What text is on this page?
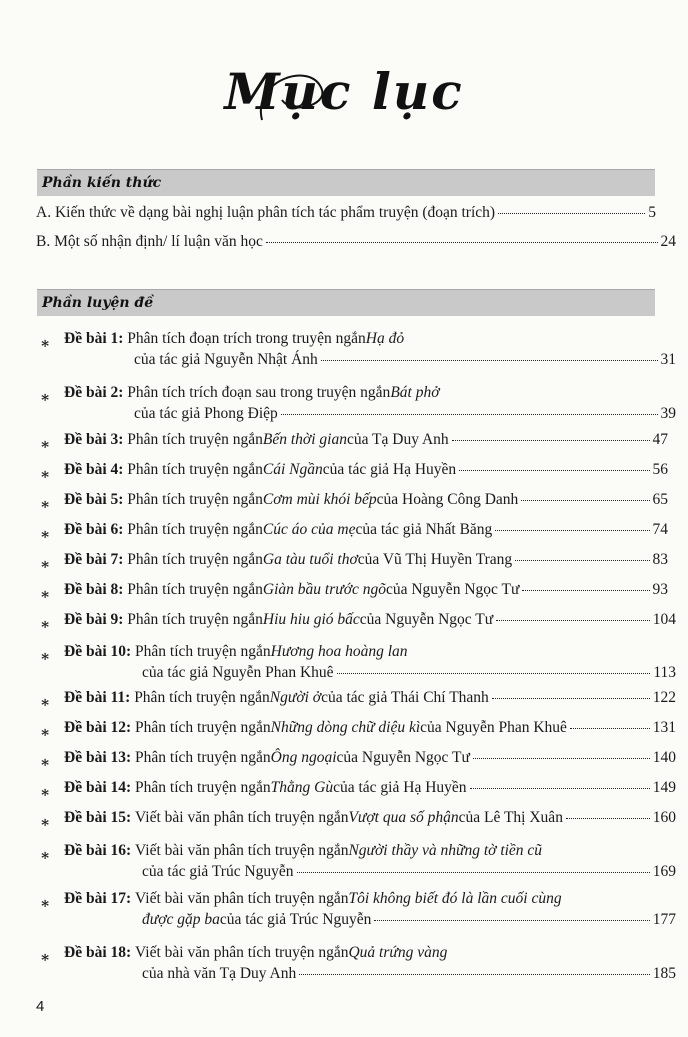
Mục lục
Phần kiến thức
A. Kiến thức về dạng bài nghị luận phân tích tác phẩm truyện (đoạn trích)	5
B. Một số nhận định/ lí luận văn học	24
Phần luyện đề
∗ Đề bài 1:
Phân tích đoạn trích trong truyện ngắn Hạ đỏ
của tác giả Nguyễn Nhật Ánh	31
∗ Đề bài 2:
Phân tích trích đoạn sau trong truyện ngắn Bát phở
của tác giả Phong Điệp	39
∗ Đề bài 3:
Phân tích truyện ngắn Bến thời gian của Tạ Duy Anh	47
∗ Đề bài 4:
Phân tích truyện ngắn Cái Ngần của tác giả Hạ Huyền	56
∗ Đề bài 5:
Phân tích truyện ngắn Cơm mùi khói bếp của Hoàng Công Danh	65
∗ Đề bài 6:
Phân tích truyện ngắn Cúc áo của mẹ của tác giả Nhất Băng	74
∗ Đề bài 7:
Phân tích truyện ngắn Ga tàu tuổi thơ của Vũ Thị Huyền Trang	83
∗ Đề bài 8:
Phân tích truyện ngắn Giàn bầu trước ngõ của Nguyễn Ngọc Tư	93
∗ Đề bài 9:
Phân tích truyện ngắn Hiu hiu gió bấc của Nguyễn Ngọc Tư	104
∗ Đề bài 10:
Phân tích truyện ngắn Hương hoa hoàng lan
của tác giả Nguyễn Phan Khuê	113
∗ Đề bài 11:
Phân tích truyện ngắn Người ở của tác giả Thái Chí Thanh	122
∗ Đề bài 12:
Phân tích truyện ngắn Những dòng chữ diệu kì của Nguyễn Phan Khuê	131
∗ Đề bài 13:
Phân tích truyện ngắn Ông ngoại của Nguyễn Ngọc Tư	140
∗ Đề bài 14:
Phân tích truyện ngắn Thằng Gù của tác giả Hạ Huyền	149
∗ Đề bài 15:
Viết bài văn phân tích truyện ngắn Vượt qua số phận của Lê Thị Xuân	160
∗ Đề bài 16:
Viết bài văn phân tích truyện ngắn Người thầy và những tờ tiền cũ
của tác giả Trúc Nguyễn	169
∗ Đề bài 17:
Viết bài văn phân tích truyện ngắn Tôi không biết đó là lần cuối cùng
được gặp ba của tác giả Trúc Nguyễn	177
∗ Đề bài 18:
Viết bài văn phân tích truyện ngắn Quả trứng vàng
của nhà văn Tạ Duy Anh	185
4
